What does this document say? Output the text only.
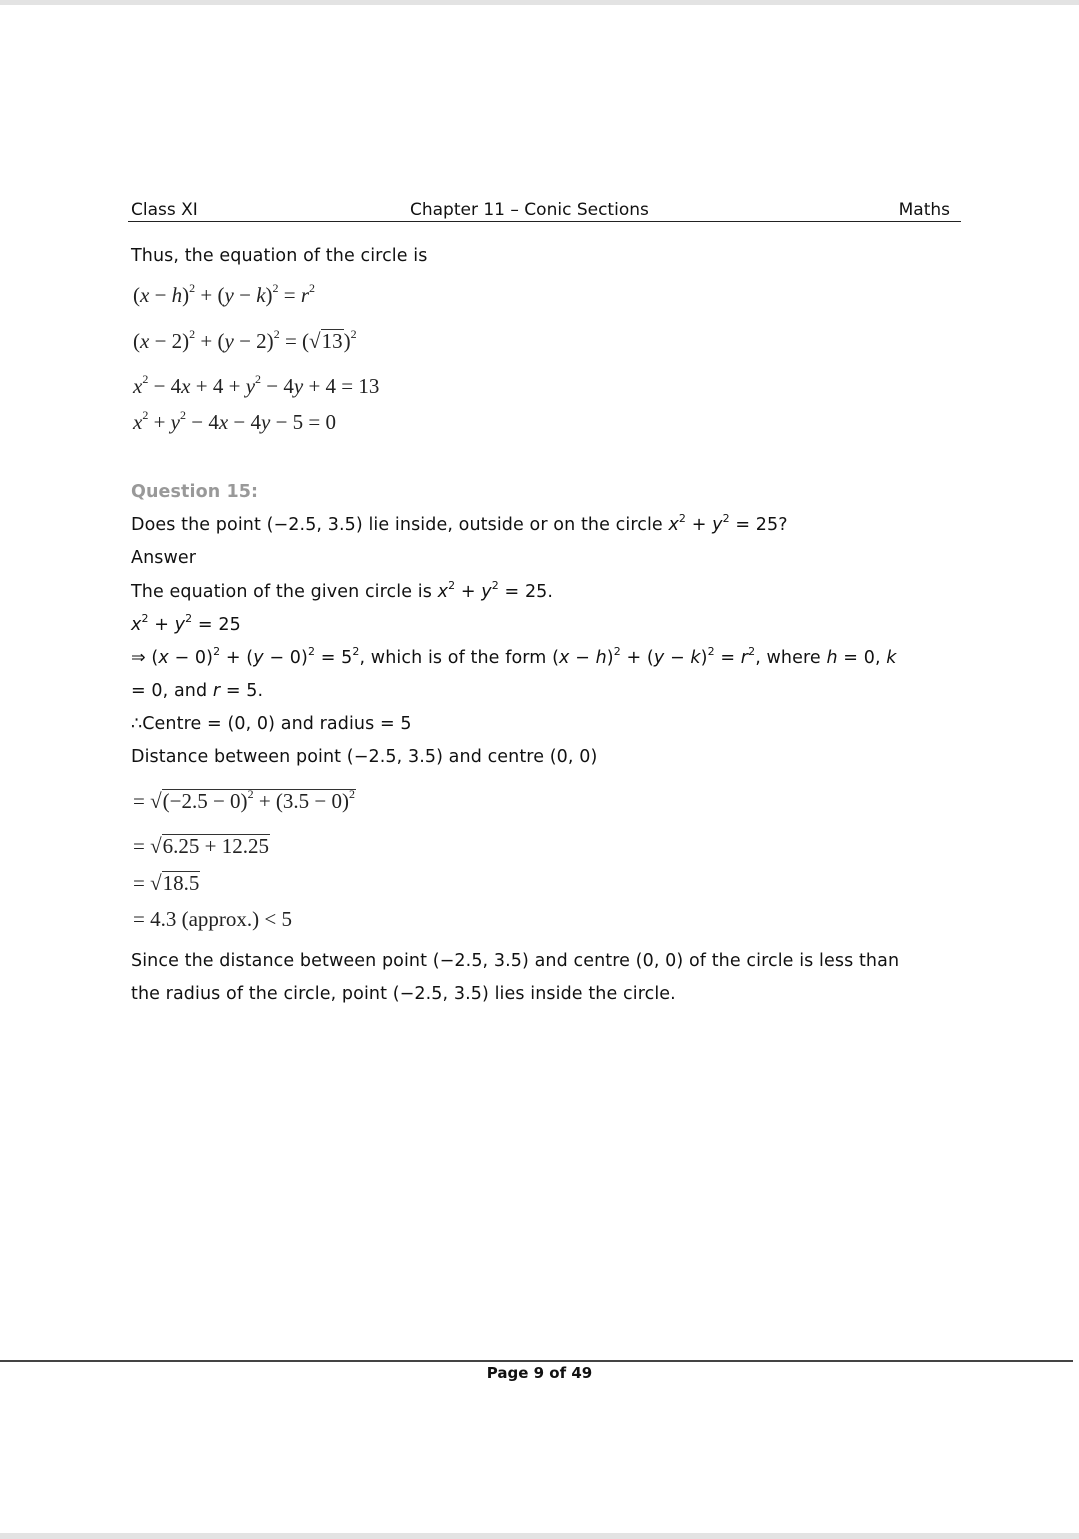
Class XI	Chapter 11 – Conic Sections	Maths
Thus, the equation of the circle is
$(x - h)^2 + (y - k)^2 = r^2$
$(x - 2)^2 + (y - 2)^2 = (√13)^2$
$x^2 - 4x + 4 + y^2 - 4y + 4 = 13$
$x^2 + y^2 - 4x - 4y - 5 = 0$
Question 15:
Does the point (−2.5, 3.5) lie inside, outside or on the circle $x^2 + y^2 = 25$?
Answer
The equation of the given circle is $x^2 + y^2 = 25$.
$x^2 + y^2 = 25$
⇒ $(x - 0)^2 + (y - 0)^2 = 5^2$, which is of the form $(x - h)^2 + (y - k)^2 = r^2$, where h = 0, k
= 0, and r = 5.
∴Centre = (0, 0) and radius = 5
Distance between point (−2.5, 3.5) and centre (0, 0)
= $√(-2.5 - 0)^2 + (3.5 - 0)^2$
= √6.25 + 12.25
= √18.5
= 4.3 (approx.) < 5
Since the distance between point (−2.5, 3.5) and centre (0, 0) of the circle is less than
the radius of the circle, point (−2.5, 3.5) lies inside the circle.
Page 9 of 49
